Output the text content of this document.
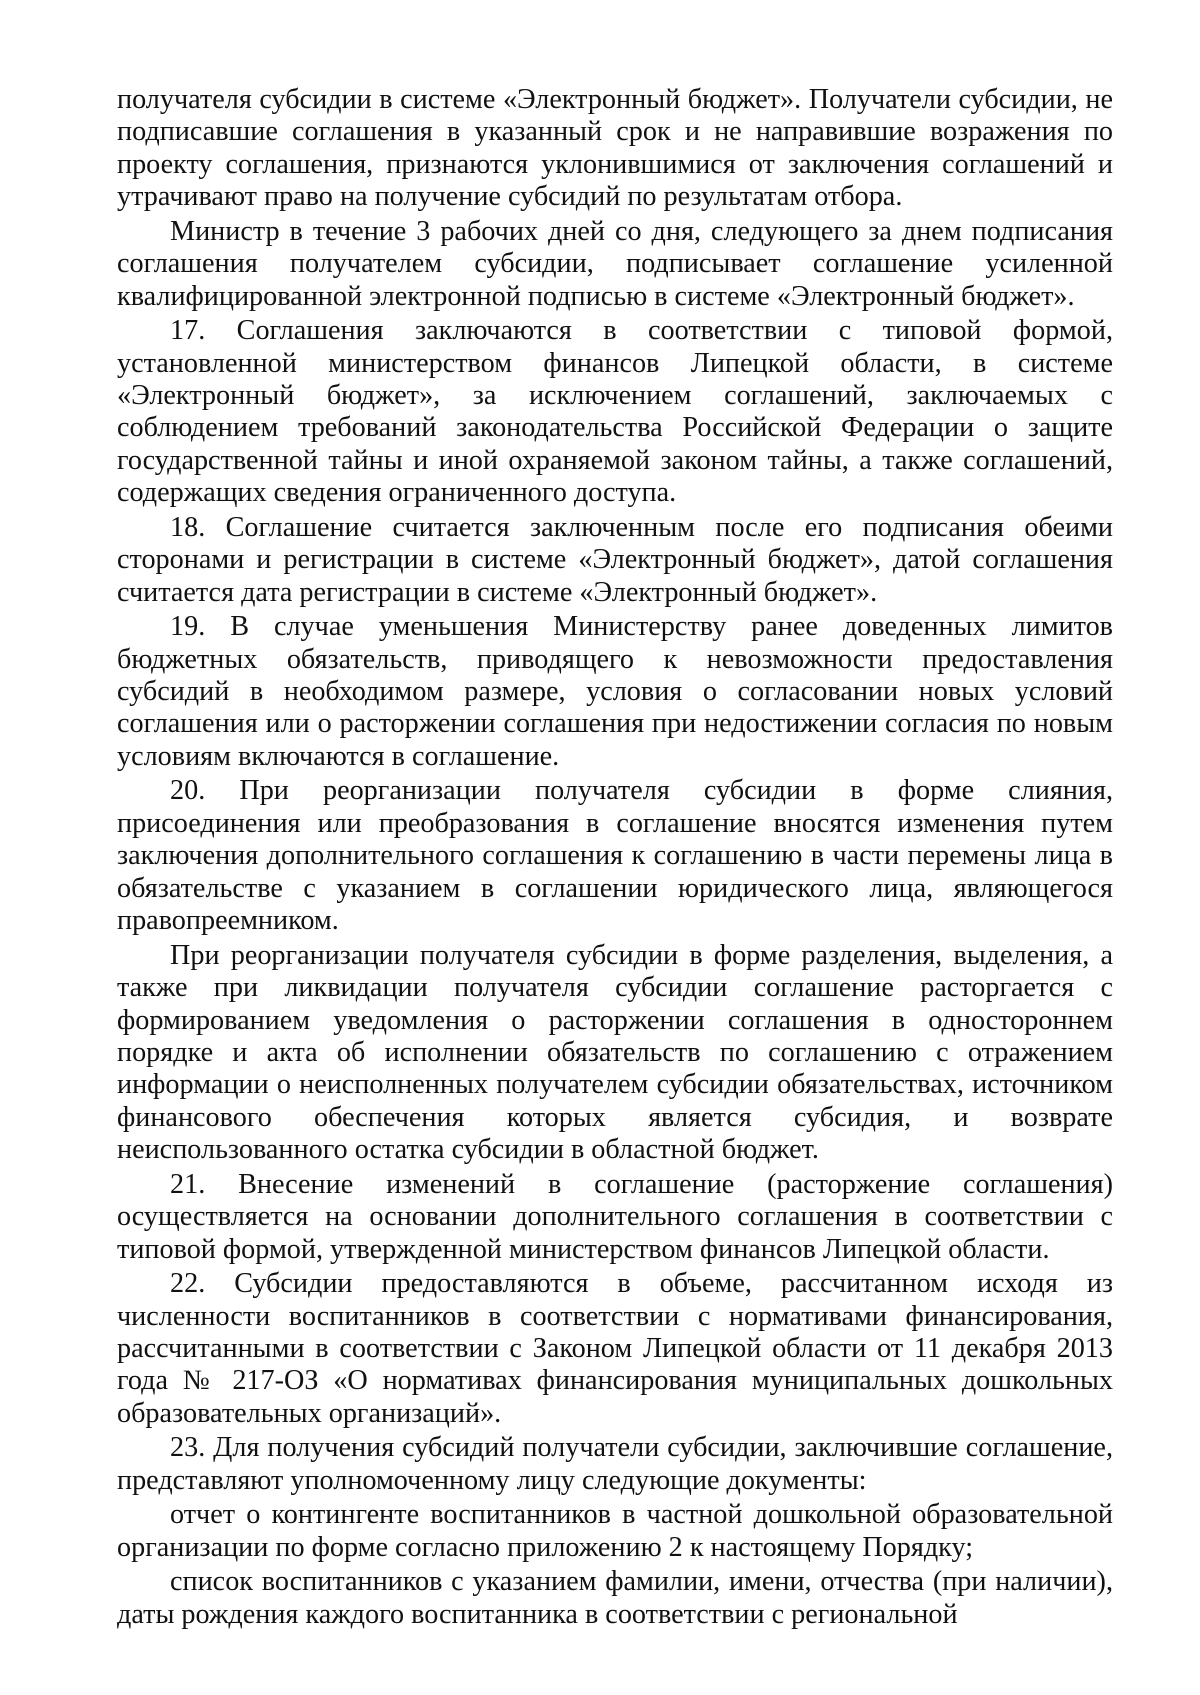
получателя субсидии в системе «Электронный бюджет». Получатели субсидии, не подписавшие соглашения в указанный срок и не направившие возражения по проекту соглашения, признаются уклонившимися от заключения соглашений и утрачивают право на получение субсидий по результатам отбора.

Министр в течение 3 рабочих дней со дня, следующего за днем подписания соглашения получателем субсидии, подписывает соглашение усиленной квалифицированной электронной подписью в системе «Электронный бюджет».

17. Соглашения заключаются в соответствии с типовой формой, установленной министерством финансов Липецкой области, в системе «Электронный бюджет», за исключением соглашений, заключаемых с соблюдением требований законодательства Российской Федерации о защите государственной тайны и иной охраняемой законом тайны, а также соглашений, содержащих сведения ограниченного доступа.

18. Соглашение считается заключенным после его подписания обеими сторонами и регистрации в системе «Электронный бюджет», датой соглашения считается дата регистрации в системе «Электронный бюджет».

19. В случае уменьшения Министерству ранее доведенных лимитов бюджетных обязательств, приводящего к невозможности предоставления субсидий в необходимом размере, условия о согласовании новых условий соглашения или о расторжении соглашения при недостижении согласия по новым условиям включаются в соглашение.

20. При реорганизации получателя субсидии в форме слияния, присоединения или преобразования в соглашение вносятся изменения путем заключения дополнительного соглашения к соглашению в части перемены лица в обязательстве с указанием в соглашении юридического лица, являющегося правопреемником.

При реорганизации получателя субсидии в форме разделения, выделения, а также при ликвидации получателя субсидии соглашение расторгается с формированием уведомления о расторжении соглашения в одностороннем порядке и акта об исполнении обязательств по соглашению с отражением информации о неисполненных получателем субсидии обязательствах, источником финансового обеспечения которых является субсидия, и возврате неиспользованного остатка субсидии в областной бюджет.

21. Внесение изменений в соглашение (расторжение соглашения) осуществляется на основании дополнительного соглашения в соответствии с типовой формой, утвержденной министерством финансов Липецкой области.

22. Субсидии предоставляются в объеме, рассчитанном исходя из численности воспитанников в соответствии с нормативами финансирования, рассчитанными в соответствии с Законом Липецкой области от 11 декабря 2013 года № 217-ОЗ «О нормативах финансирования муниципальных дошкольных образовательных организаций».

23. Для получения субсидий получатели субсидии, заключившие соглашение, представляют уполномоченному лицу следующие документы:

отчет о контингенте воспитанников в частной дошкольной образовательной организации по форме согласно приложению 2 к настоящему Порядку;

список воспитанников с указанием фамилии, имени, отчества (при наличии), даты рождения каждого воспитанника в соответствии с региональной
